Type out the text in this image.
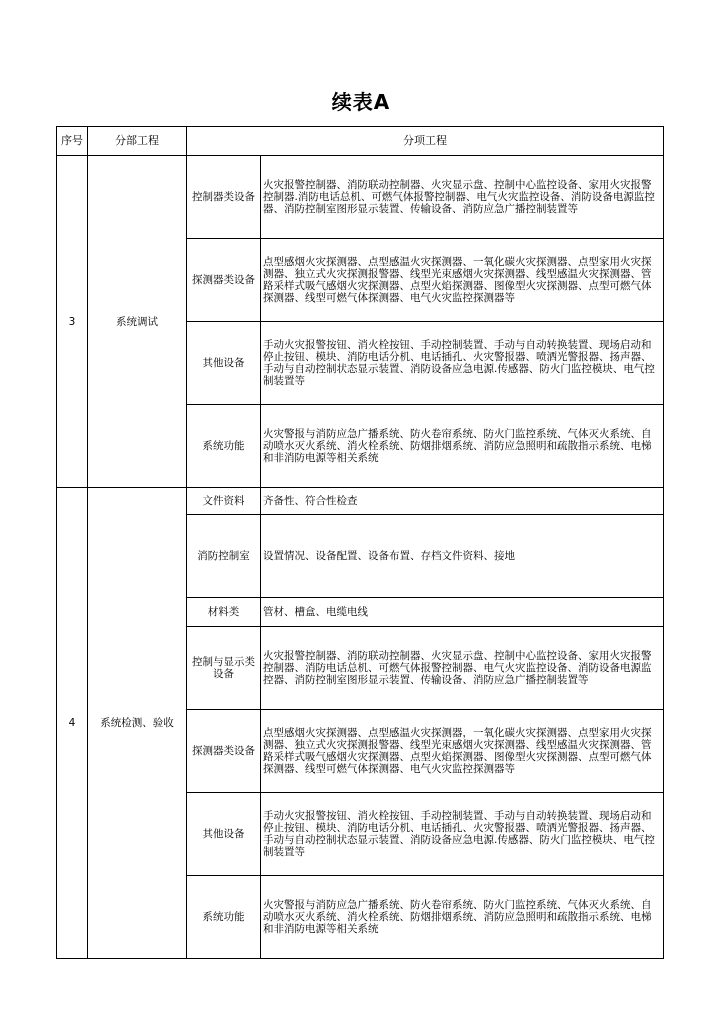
续表A
序号	分部工程	分项工程	
3	系统调试	控制器类设备	火灾报警控制器、消防联动控制器、火灾显示盘、控制中心监控设备、家用火灾报警控制器.消防电话总机、可燃气体报警控制器、电气火灾监控设备、消防设备电源监控器、消防控制室图形显示装置、传输设备、消防应急广播控制装置等
		探测器类设备	点型感烟火灾探测器、点型感温火灾探测器、一氧化碳火灾探测器、点型家用火灾探测器、独立式火灾探测报警器、线型光束感烟火灾探测器、线型感温火灾探测器、管路采样式吸气感烟火灾探测器、点型火焰探测器、图像型火灾探测器、点型可燃气体探测器、线型可燃气体探测器、电气火灾监控探测器等
		其他设备	手动火灾报警按钮、消火栓按钮、手动控制装置、手动与自动转换装置、现场启动和停止按钮、模块、消防电话分机、电话插孔、火灾警报器、喷洒光警报器、扬声器、手动与自动控制状态显示装置、消防设备应急电源.传感器、防火门监控模块、电气控制装置等
		系统功能	火灾警报与消防应急广播系统、防火卷帘系统、防火门监控系统、气体灭火系统、自动喷水灭火系统、消火栓系统、防烟排烟系统、消防应急照明和疏散指示系统、电梯和非消防电源等相关系统
4	系统检测、验收	文件资料	齐备性、符合性检查
		消防控制室	设置情况、设备配置、设备布置、存档文件资料、接地
		材料类	管材、槽盒、电缆电线
		控制与显示类设备	火灾报警控制器、消防联动控制器、火灾显示盘、控制中心监控设备、家用火灾报警控制器、消防电话总机、可燃气体报警控制器、电气火灾监控设备、消防设备电源监控器、消防控制室图形显示装置、传输设备、消防应急广播控制装置等
		探测器类设备	点型感烟火灾探测器、点型感温火灾探测器，一氧化碳火灾探测器、点型家用火灾探测器、独立式火灾探测报警器、线型光束感烟火灾探测器、线型感温火灾探测器、管路采样式吸气感烟火灾探测器、点型火焰探测器、图像型火灾探测器、点型可燃气体探测器、线型可燃气体探测器、电气火灾监控探测器等
		其他设备	手动火灾报警按钮、消火栓按钮、手动控制装置、手动与自动转换装置、现场启动和停止按钮、模块、消防电话分机、电话插孔、火灾警报器、喷洒光警报器、扬声器、手动与自动控制状态显示装置、消防设备应急电源.传感器、防火门监控模块、电气控制装置等
		系统功能	火灾警报与消防应急广播系统、防火卷帘系统、防火门监控系统、气体灭火系统、自动喷水灭火系统、消火栓系统、防烟排烟系统、消防应急照明和疏散指示系统、电梯和非消防电源等相关系统
